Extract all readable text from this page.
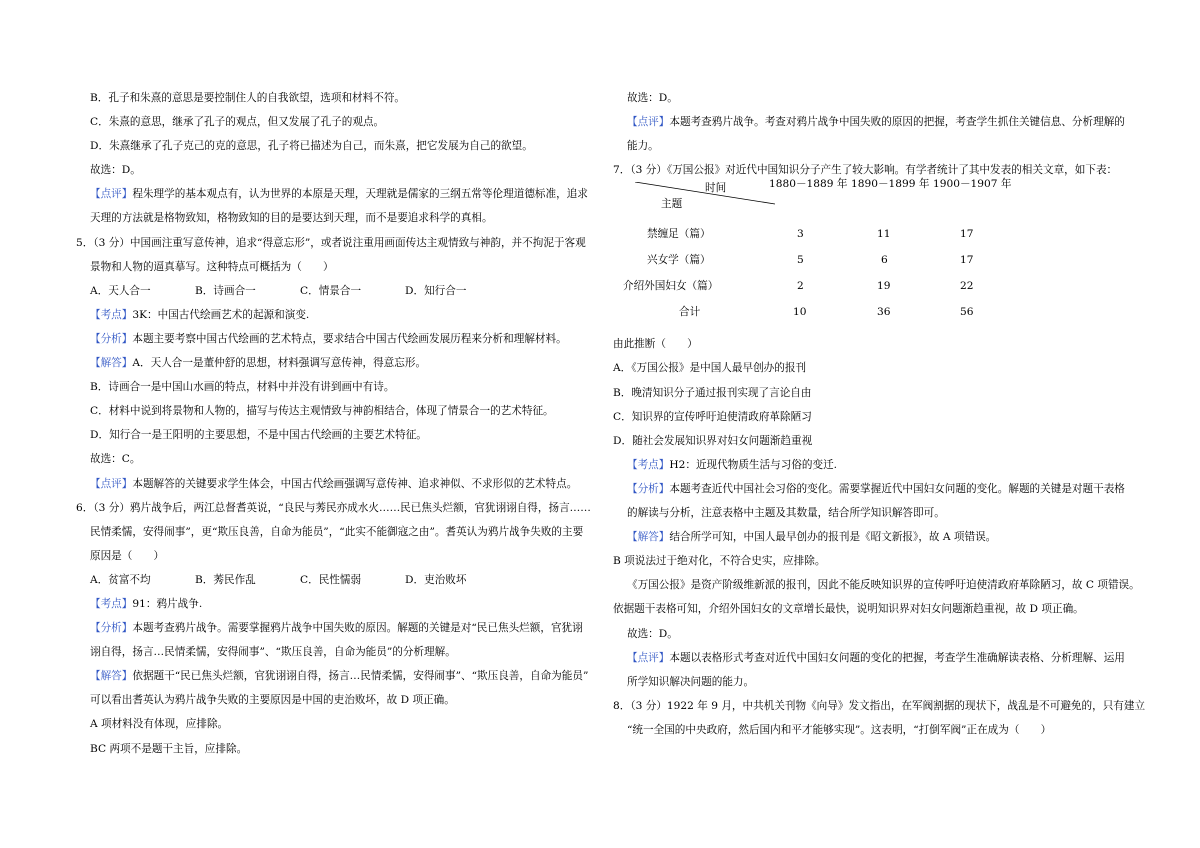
B．孔子和朱熹的意思是要控制住人的自我欲望，选项和材料不符。
C．朱熹的意思，继承了孔子的观点，但又发展了孔子的观点。
D．朱熹继承了孔子克己的克的意思，孔子将已描述为自己，而朱熹，把它发展为自己的欲望。
故选：D。
【点评】程朱理学的基本观点有，认为世界的本原是天理，天理就是儒家的三纲五常等伦理道德标准，追求
天理的方法就是格物致知，格物致知的目的是要达到天理，而不是要追求科学的真相。
5．（3 分）中国画注重写意传神，追求“得意忘形”，或者说注重用画面传达主观情致与神韵，并不拘泥于客观
景物和人物的逼真摹写。这种特点可概括为（　　）
A．天人合一	B．诗画合一	C．情景合一	D．知行合一
【考点】3K：中国古代绘画艺术的起源和演变.
【分析】本题主要考察中国古代绘画的艺术特点，要求结合中国古代绘画发展历程来分析和理解材料。
【解答】A．天人合一是董仲舒的思想，材料强调写意传神，得意忘形。
B．诗画合一是中国山水画的特点，材料中并没有讲到画中有诗。
C．材料中说到将景物和人物的，描写与传达主观情致与神韵相结合，体现了情景合一的艺术特征。
D．知行合一是王阳明的主要思想，不是中国古代绘画的主要艺术特征。
故选：C。
【点评】本题解答的关键要求学生体会，中国古代绘画强调写意传神、追求神似、不求形似的艺术特点。
6．（3 分）鸦片战争后，两江总督耆英说，“良民与莠民亦成水火……民已焦头烂额，官犹诩诩自得，扬言……
民情柔懦，安得闹事”，更“欺压良善，自命为能员”，“此实不能御寇之由”。耆英认为鸦片战争失败的主要
原因是（　　）
A．贫富不均	B．莠民作乱	C．民性懦弱	D．吏治败坏
【考点】91：鸦片战争.
【分析】本题考查鸦片战争。需要掌握鸦片战争中国失败的原因。解题的关键是对“民已焦头烂额，官犹诩
诩自得，扬言…民情柔懦，安得闹事”、“欺压良善，自命为能员”的分析理解。
【解答】依据题干“民已焦头烂额，官犹诩诩自得，扬言…民情柔懦，安得闹事”、“欺压良善，自命为能员”
可以看出耆英认为鸦片战争失败的主要原因是中国的吏治败坏，故 D 项正确。
A 项材料没有体现，应排除。
BC 两项不是题干主旨，应排除。
故选：D。
【点评】本题考查鸦片战争。考查对鸦片战争中国失败的原因的把握，考查学生抓住关键信息、分析理解的
能力。
7．（3 分）《万国公报》对近代中国知识分子产生了较大影响。有学者统计了其中发表的相关文章，如下表：
时间
主题
1880－1889 年 1890－1899 年 1900－1907 年
禁缠足（篇）	3	11	17
兴女学（篇）	5	6	17
介绍外国妇女（篇）	2	19	22
合计	10	36	56
由此推断（　　）
A．《万国公报》是中国人最早创办的报刊
B．晚清知识分子通过报刊实现了言论自由
C．知识界的宣传呼吁迫使清政府革除陋习
D．随社会发展知识界对妇女问题渐趋重视
【考点】H2：近现代物质生活与习俗的变迁.
【分析】本题考查近代中国社会习俗的变化。需要掌握近代中国妇女问题的变化。解题的关键是对题干表格
的解读与分析，注意表格中主题及其数量，结合所学知识解答即可。
【解答】结合所学可知，中国人最早创办的报刊是《昭文新报》，故 A 项错误。
B 项说法过于绝对化，不符合史实，应排除。
《万国公报》是资产阶级维新派的报刊，因此不能反映知识界的宣传呼吁迫使清政府革除陋习，故 C 项错误。
依据题干表格可知，介绍外国妇女的文章增长最快，说明知识界对妇女问题渐趋重视，故 D 项正确。
故选：D。
【点评】本题以表格形式考查对近代中国妇女问题的变化的把握，考查学生准确解读表格、分析理解、运用
所学知识解决问题的能力。
8．（3 分）1922 年 9 月，中共机关刊物《向导》发文指出，在军阀割据的现状下，战乱是不可避免的，只有建立
“统一全国的中央政府，然后国内和平才能够实现”。这表明，“打倒军阀”正在成为（　　）
